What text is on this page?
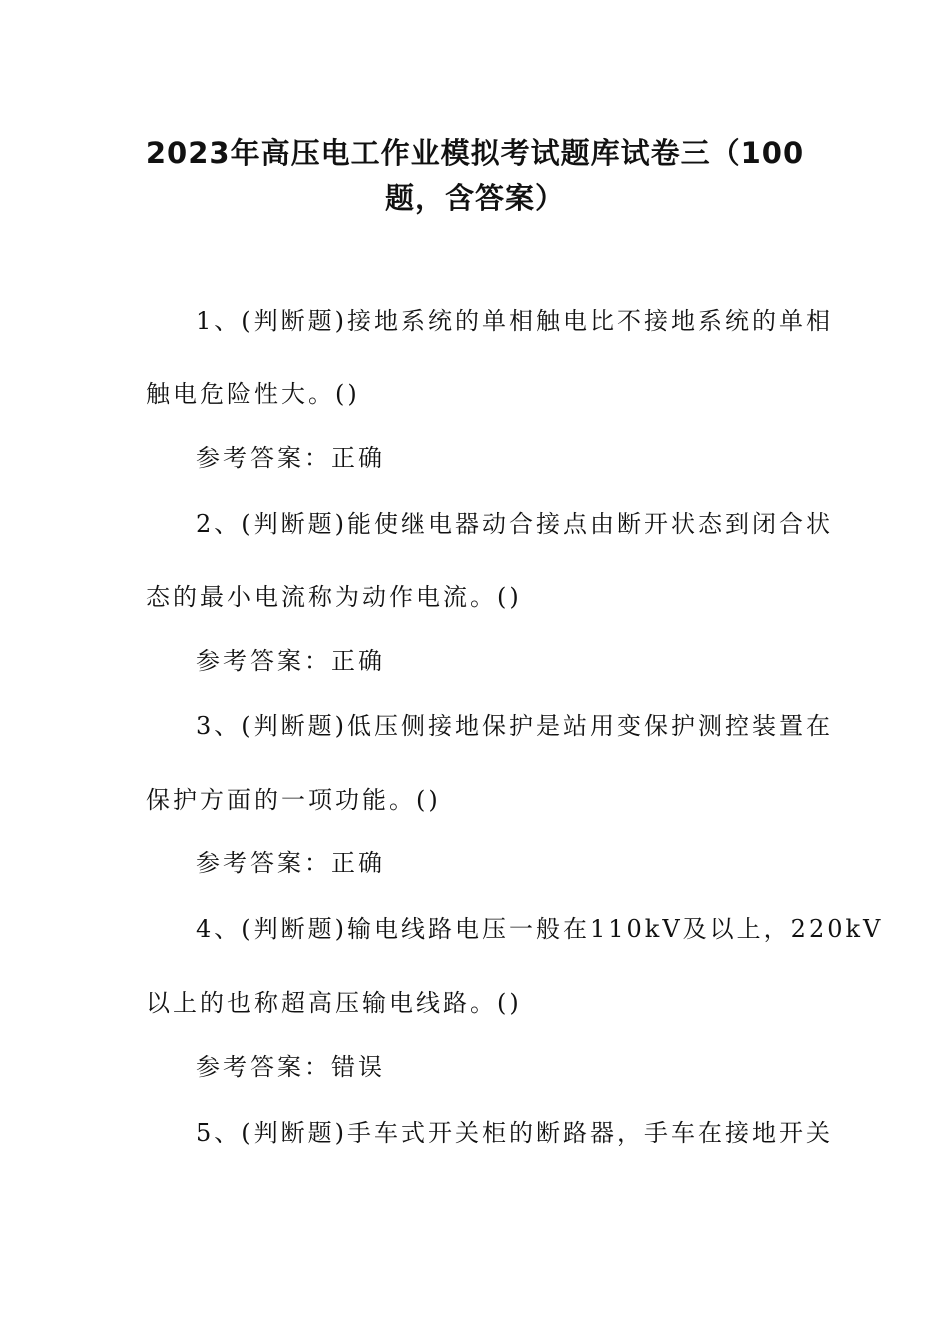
2023年高压电工作业模拟考试题库试卷三（100
题，含答案）

1、(判断题)接地系统的单相触电比不接地系统的单相

触电危险性大。()

参考答案：正确

2、(判断题)能使继电器动合接点由断开状态到闭合状

态的最小电流称为动作电流。()

参考答案：正确

3、(判断题)低压侧接地保护是站用变保护测控装置在

保护方面的一项功能。()

参考答案：正确

4、(判断题)输电线路电压一般在110kV及以上，220kV

以上的也称超高压输电线路。()

参考答案：错误

5、(判断题)手车式开关柜的断路器，手车在接地开关
